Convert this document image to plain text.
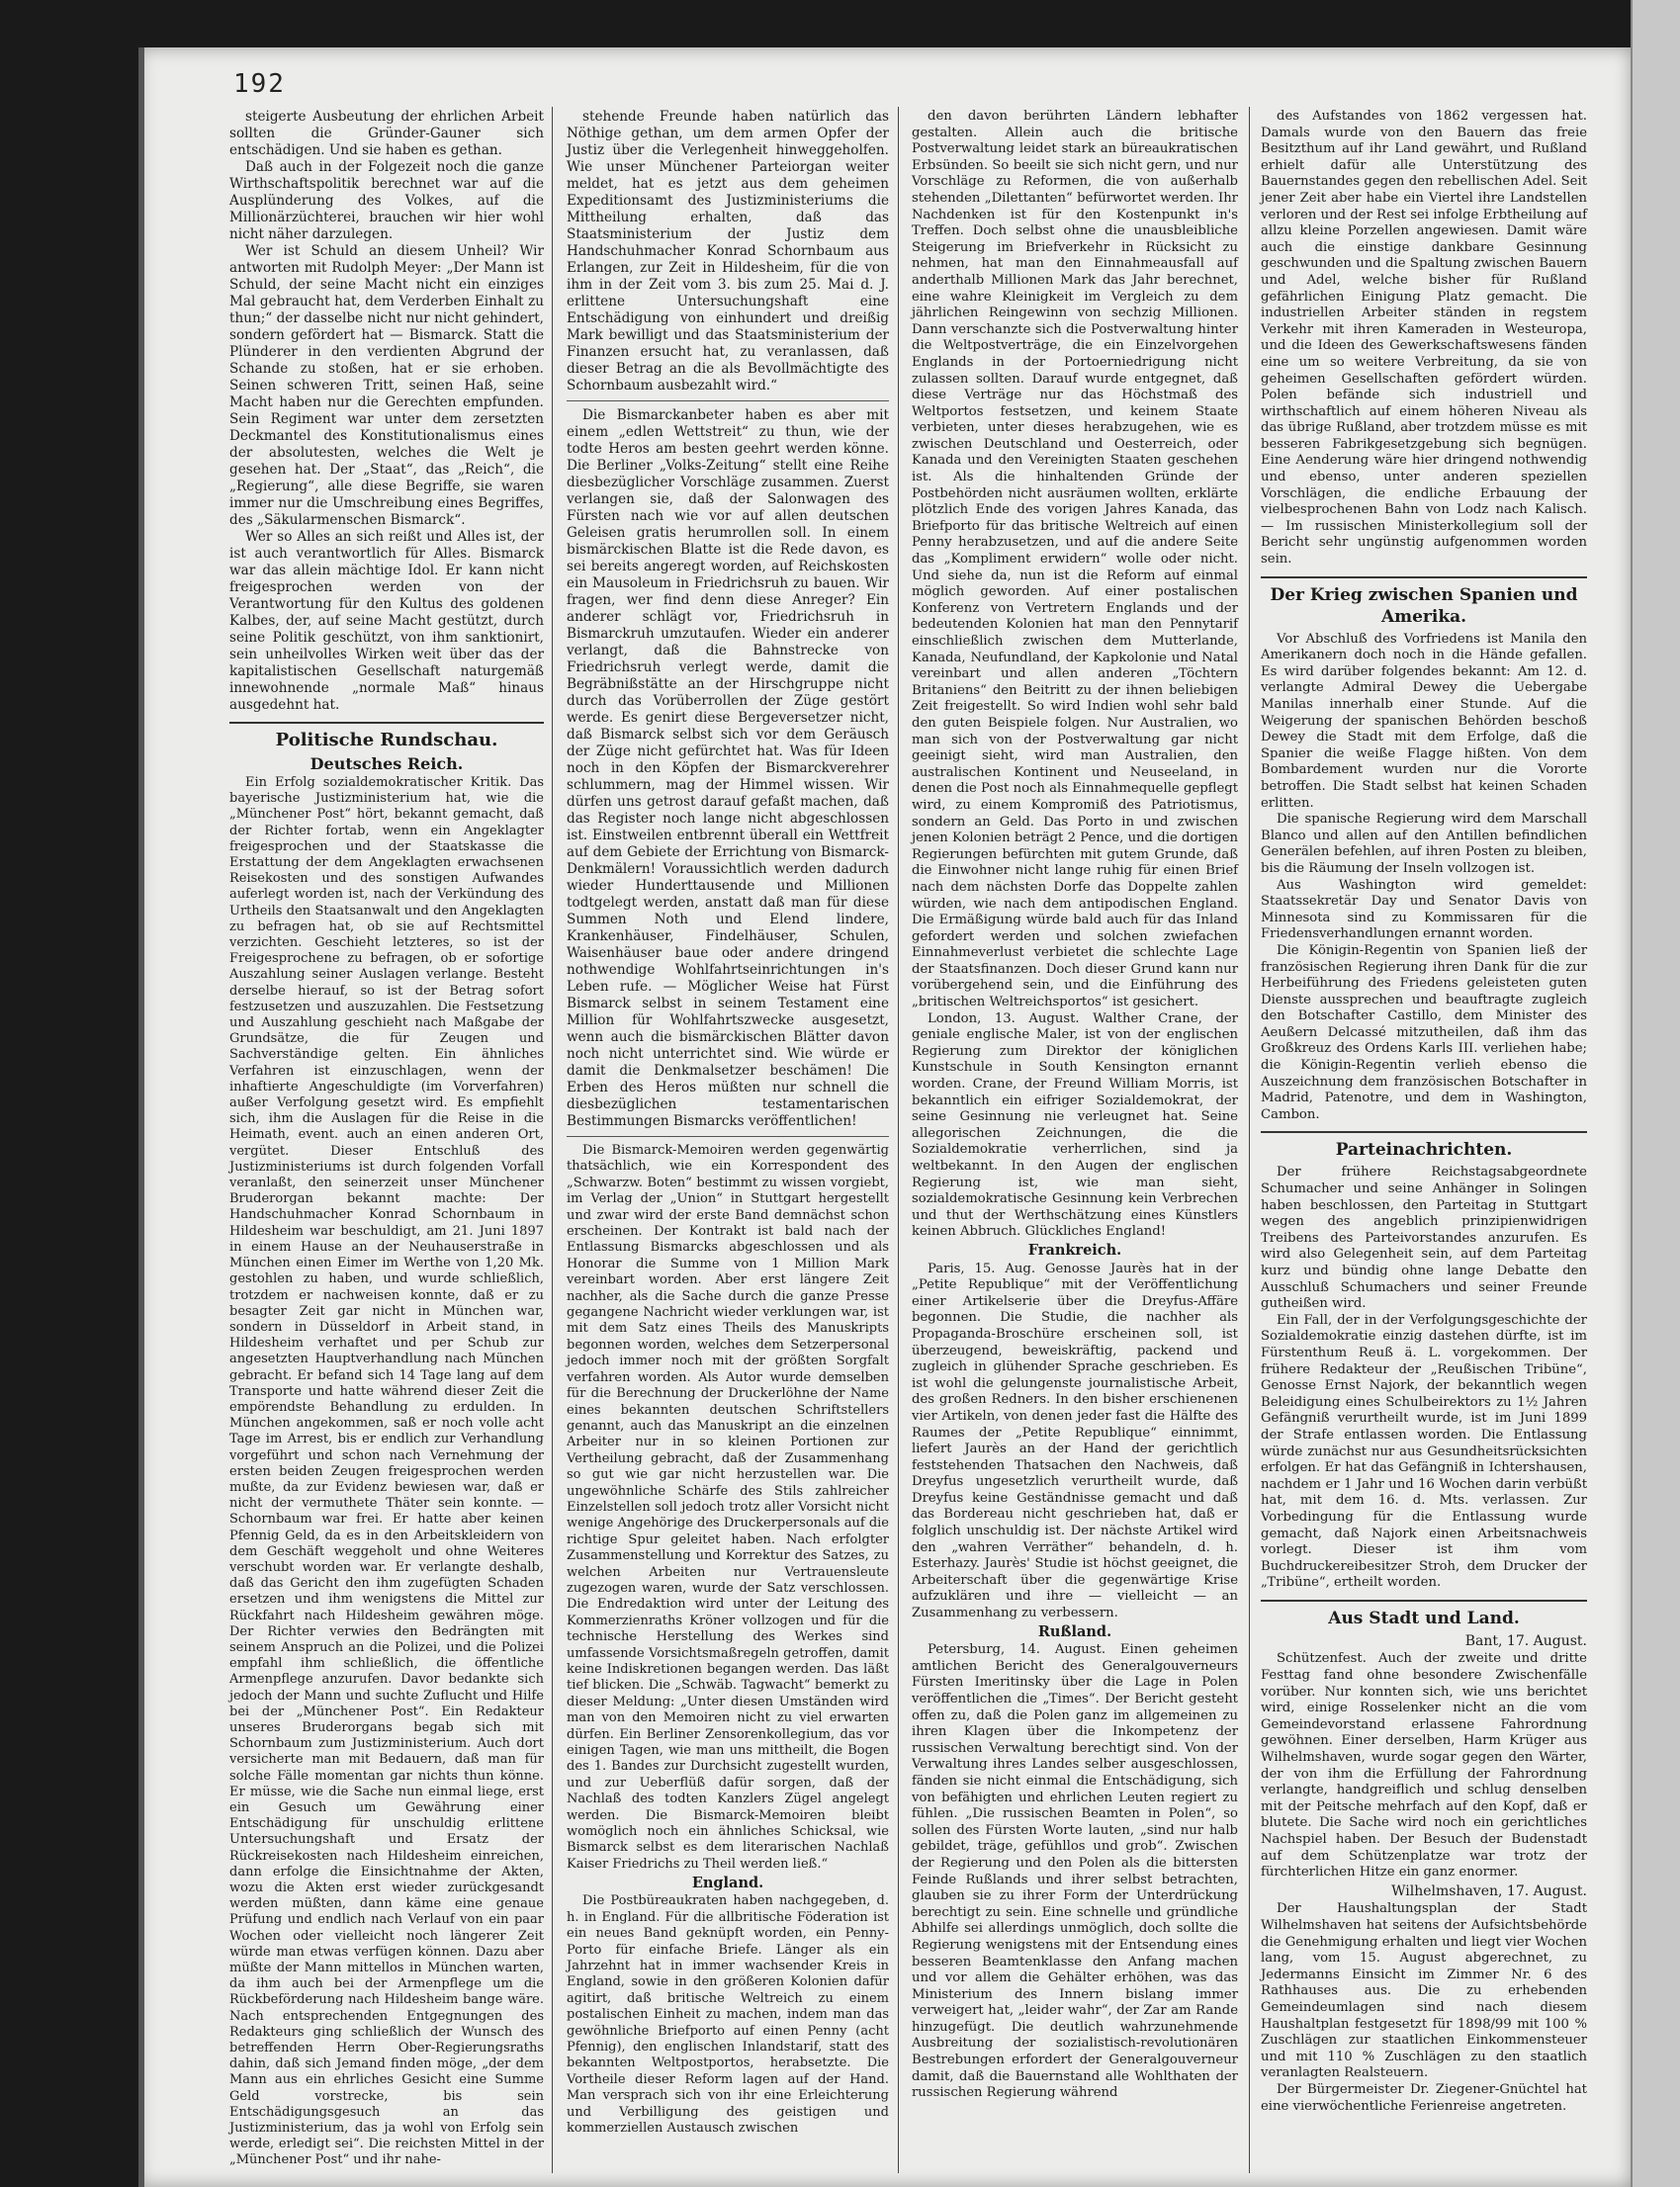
192

steigerte Ausbeutung der ehrlichen Arbeit sollten die Gründer-Gauner sich entschädigen. Und sie haben es gethan.

Daß auch in der Folgezeit noch die ganze Wirthschaftspolitik berechnet war auf die Ausplünderung des Volkes, auf die Millionärzüchterei, brauchen wir hier wohl nicht näher darzulegen.

Wer ist Schuld an diesem Unheil? Wir antworten mit Rudolph Meyer: „Der Mann ist Schuld, der seine Macht nicht ein einziges Mal gebraucht hat, dem Verderben Einhalt zu thun;“ der dasselbe nicht nur nicht gehindert, sondern gefördert hat — Bismarck. Statt die Plünderer in den verdienten Abgrund der Schande zu stoßen, hat er sie erhoben. Seinen schweren Tritt, seinen Haß, seine Macht haben nur die Gerechten empfunden. Sein Regiment war unter dem zersetzten Deckmantel des Konstitutionalismus eines der absolutesten, welches die Welt je gesehen hat. Der „Staat“, das „Reich“, die „Regierung“, alle diese Begriffe, sie waren immer nur die Umschreibung eines Begriffes, des „Säkularmenschen Bismarck“.

Wer so Alles an sich reißt und Alles ist, der ist auch verantwortlich für Alles. Bismarck war das allein mächtige Idol. Er kann nicht freigesprochen werden von der Verantwortung für den Kultus des goldenen Kalbes, der, auf seine Macht gestützt, durch seine Politik geschützt, von ihm sanktionirt, sein unheilvolles Wirken weit über das der kapitalistischen Gesellschaft naturgemäß innewohnende „normale Maß“ hinaus ausgedehnt hat.

Politische Rundschau.
Deutsches Reich.

Ein Erfolg sozialdemokratischer Kritik. Das bayerische Justizministerium hat, wie die „Münchener Post“ hört, bekannt gemacht, daß der Richter fortab, wenn ein Angeklagter freigesprochen und der Staatskasse die Erstattung der dem Angeklagten erwachsenen Reisekosten und des sonstigen Aufwandes auferlegt worden ist, nach der Verkündung des Urtheils den Staatsanwalt und den Angeklagten zu befragen hat, ob sie auf Rechtsmittel verzichten. Geschieht letzteres, so ist der Freigesprochene zu befragen, ob er sofortige Auszahlung seiner Auslagen verlange. Besteht derselbe hierauf, so ist der Betrag sofort festzusetzen und auszuzahlen. Die Festsetzung und Auszahlung geschieht nach Maßgabe der Grundsätze, die für Zeugen und Sachverständige gelten. Ein ähnliches Verfahren ist einzuschlagen, wenn der inhaftierte Angeschuldigte (im Vorverfahren) außer Verfolgung gesetzt wird. Es empfiehlt sich, ihm die Auslagen für die Reise in die Heimath, event. auch an einen anderen Ort, vergütet. Dieser Entschluß des Justizministeriums ist durch folgenden Vorfall veranlaßt, den seinerzeit unser Münchener Bruderorgan bekannt machte: Der Handschuhmacher Konrad Schornbaum in Hildesheim war beschuldigt, am 21. Juni 1897 in einem Hause an der Neuhauserstraße in München einen Eimer im Werthe von 1,20 Mk. gestohlen zu haben, und wurde schließlich, trotzdem er nachweisen konnte, daß er zu besagter Zeit gar nicht in München war, sondern in Düsseldorf in Arbeit stand, in Hildesheim verhaftet und per Schub zur angesetzten Hauptverhandlung nach München gebracht. Er befand sich 14 Tage lang auf dem Transporte und hatte während dieser Zeit die empörendste Behandlung zu erdulden. In München angekommen, saß er noch volle acht Tage im Arrest, bis er endlich zur Verhandlung vorgeführt und schon nach Vernehmung der ersten beiden Zeugen freigesprochen werden mußte, da zur Evidenz bewiesen war, daß er nicht der vermuthete Thäter sein konnte. — Schornbaum war frei. Er hatte aber keinen Pfennig Geld, da es in den Arbeitskleidern von dem Geschäft weggeholt und ohne Weiteres verschubt worden war. Er verlangte deshalb, daß das Gericht den ihm zugefügten Schaden ersetzen und ihm wenigstens die Mittel zur Rückfahrt nach Hildesheim gewähren möge. Der Richter verwies den Bedrängten mit seinem Anspruch an die Polizei, und die Polizei empfahl ihm schließlich, die öffentliche Armenpflege anzurufen. Davor bedankte sich jedoch der Mann und suchte Zuflucht und Hilfe bei der „Münchener Post“. Ein Redakteur unseres Bruderorgans begab sich mit Schornbaum zum Justizministerium. Auch dort versicherte man mit Bedauern, daß man für solche Fälle momentan gar nichts thun könne. Er müsse, wie die Sache nun einmal liege, erst ein Gesuch um Gewährung einer Entschädigung für unschuldig erlittene Untersuchungshaft und Ersatz der Rückreisekosten nach Hildesheim einreichen, dann erfolge die Einsichtnahme der Akten, wozu die Akten erst wieder zurückgesandt werden müßten, dann käme eine genaue Prüfung und endlich nach Verlauf von ein paar Wochen oder vielleicht noch längerer Zeit würde man etwas verfügen können. Dazu aber müßte der Mann mittellos in München warten, da ihm auch bei der Armenpflege um die Rückbeförderung nach Hildesheim bange wäre. Nach entsprechenden Entgegnungen des Redakteurs ging schließlich der Wunsch des betreffenden Herrn Ober-Regierungsraths dahin, daß sich Jemand finden möge, „der dem Mann aus ein ehrliches Gesicht eine Summe Geld vorstrecke, bis sein Entschädigungsgesuch an das Justizministerium, das ja wohl von Erfolg sein werde, erledigt sei“. Die reichsten Mittel in der „Münchener Post“ und ihr nahe-

stehende Freunde haben natürlich das Nöthige gethan, um dem armen Opfer der Justiz über die Verlegenheit hinweggeholfen. Wie unser Münchener Parteiorgan weiter meldet, hat es jetzt aus dem geheimen Expeditionsamt des Justizministeriums die Mittheilung erhalten, daß das Staatsministerium der Justiz dem Handschuhmacher Konrad Schornbaum aus Erlangen, zur Zeit in Hildesheim, für die von ihm in der Zeit vom 3. bis zum 25. Mai d. J. erlittene Untersuchungshaft eine Entschädigung von einhundert und dreißig Mark bewilligt und das Staatsministerium der Finanzen ersucht hat, zu veranlassen, daß dieser Betrag an die als Bevollmächtigte des Schornbaum ausbezahlt wird.“

Die Bismarckanbeter haben es aber mit einem „edlen Wettstreit“ zu thun, wie der todte Heros am besten geehrt werden könne. Die Berliner „Volks-Zeitung“ stellt eine Reihe diesbezüglicher Vorschläge zusammen. Zuerst verlangen sie, daß der Salonwagen des Fürsten nach wie vor auf allen deutschen Geleisen gratis herumrollen soll. In einem bismärckischen Blatte ist die Rede davon, es sei bereits angeregt worden, auf Reichskosten ein Mausoleum in Friedrichsruh zu bauen. Wir fragen, wer find denn diese Anreger? Ein anderer schlägt vor, Friedrichsruh in Bismarckruh umzutaufen. Wieder ein anderer verlangt, daß die Bahnstrecke von Friedrichsruh verlegt werde, damit die Begräbnißstätte an der Hirschgruppe nicht durch das Vorüberrollen der Züge gestört werde. Es genirt diese Bergeversetzer nicht, daß Bismarck selbst sich vor dem Geräusch der Züge nicht gefürchtet hat. Was für Ideen noch in den Köpfen der Bismarckverehrer schlummern, mag der Himmel wissen. Wir dürfen uns getrost darauf gefaßt machen, daß das Register noch lange nicht abgeschlossen ist. Einstweilen entbrennt überall ein Wettfreit auf dem Gebiete der Errichtung von Bismarck-Denkmälern! Voraussichtlich werden dadurch wieder Hunderttausende und Millionen todtgelegt werden, anstatt daß man für diese Summen Noth und Elend lindere, Krankenhäuser, Findelhäuser, Schulen, Waisenhäuser baue oder andere dringend nothwendige Wohlfahrtseinrichtungen in's Leben rufe. — Möglicher Weise hat Fürst Bismarck selbst in seinem Testament eine Million für Wohlfahrtszwecke ausgesetzt, wenn auch die bismärckischen Blätter davon noch nicht unterrichtet sind. Wie würde er damit die Denkmalsetzer beschämen! Die Erben des Heros müßten nur schnell die diesbezüglichen testamentarischen Bestimmungen Bismarcks veröffentlichen!

Die Bismarck-Memoiren werden gegenwärtig thatsächlich, wie ein Korrespondent des „Schwarzw. Boten“ bestimmt zu wissen vorgiebt, im Verlag der „Union“ in Stuttgart hergestellt und zwar wird der erste Band demnächst schon erscheinen. Der Kontrakt ist bald nach der Entlassung Bismarcks abgeschlossen und als Honorar die Summe von 1 Million Mark vereinbart worden. Aber erst längere Zeit nachher, als die Sache durch die ganze Presse gegangene Nachricht wieder verklungen war, ist mit dem Satz eines Theils des Manuskripts begonnen worden, welches dem Setzerpersonal jedoch immer noch mit der größten Sorgfalt verfahren worden. Als Autor wurde demselben für die Berechnung der Druckerlöhne der Name eines bekannten deutschen Schriftstellers genannt, auch das Manuskript an die einzelnen Arbeiter nur in so kleinen Portionen zur Vertheilung gebracht, daß der Zusammenhang so gut wie gar nicht herzustellen war. Die ungewöhnliche Schärfe des Stils zahlreicher Einzelstellen soll jedoch trotz aller Vorsicht nicht wenige Angehörige des Druckerpersonals auf die richtige Spur geleitet haben. Nach erfolgter Zusammenstellung und Korrektur des Satzes, zu welchen Arbeiten nur Vertrauensleute zugezogen waren, wurde der Satz verschlossen. Die Endredaktion wird unter der Leitung des Kommerzienraths Kröner vollzogen und für die technische Herstellung des Werkes sind umfassende Vorsichtsmaßregeln getroffen, damit keine Indiskretionen begangen werden. Das läßt tief blicken. Die „Schwäb. Tagwacht“ bemerkt zu dieser Meldung: „Unter diesen Umständen wird man von den Memoiren nicht zu viel erwarten dürfen. Ein Berliner Zensorenkollegium, das vor einigen Tagen, wie man uns mittheilt, die Bogen des 1. Bandes zur Durchsicht zugestellt wurden, und zur Ueberflüß dafür sorgen, daß der Nachlaß des todten Kanzlers Zügel angelegt werden. Die Bismarck-Memoiren bleibt womöglich noch ein ähnliches Schicksal, wie Bismarck selbst es dem literarischen Nachlaß Kaiser Friedrichs zu Theil werden ließ.“

England.

Die Postbüreaukraten haben nachgegeben, d. h. in England. Für die allbritische Föderation ist ein neues Band geknüpft worden, ein Penny-Porto für einfache Briefe. Länger als ein Jahrzehnt hat in immer wachsender Kreis in England, sowie in den größeren Kolonien dafür agitirt, daß britische Weltreich zu einem postalischen Einheit zu machen, indem man das gewöhnliche Briefporto auf einen Penny (acht Pfennig), den englischen Inlandstarif, statt des bekannten Weltpostportos, herabsetzte. Die Vortheile dieser Reform lagen auf der Hand. Man versprach sich von ihr eine Erleichterung und Verbilligung des geistigen und kommerziellen Austausch zwischen

den davon berührten Ländern lebhafter gestalten. Allein auch die britische Postverwaltung leidet stark an büreaukratischen Erbsünden. So beeilt sie sich nicht gern, und nur Vorschläge zu Reformen, die von außerhalb stehenden „Dilettanten“ befürwortet werden. Ihr Nachdenken ist für den Kostenpunkt in's Treffen. Doch selbst ohne die unausbleibliche Steigerung im Briefverkehr in Rücksicht zu nehmen, hat man den Einnahmeausfall auf anderthalb Millionen Mark das Jahr berechnet, eine wahre Kleinigkeit im Vergleich zu dem jährlichen Reingewinn von sechzig Millionen. Dann verschanzte sich die Postverwaltung hinter die Weltpostverträge, die ein Einzelvorgehen Englands in der Portoerniedrigung nicht zulassen sollten. Darauf wurde entgegnet, daß diese Verträge nur das Höchstmaß des Weltportos festsetzen, und keinem Staate verbieten, unter dieses herabzugehen, wie es zwischen Deutschland und Oesterreich, oder Kanada und den Vereinigten Staaten geschehen ist. Als die hinhaltenden Gründe der Postbehörden nicht ausräumen wollten, erklärte plötzlich Ende des vorigen Jahres Kanada, das Briefporto für das britische Weltreich auf einen Penny herabzusetzen, und auf die andere Seite das „Kompliment erwidern“ wolle oder nicht. Und siehe da, nun ist die Reform auf einmal möglich geworden. Auf einer postalischen Konferenz von Vertretern Englands und der bedeutenden Kolonien hat man den Pennytarif einschließlich zwischen dem Mutterlande, Kanada, Neufundland, der Kapkolonie und Natal vereinbart und allen anderen „Töchtern Britaniens“ den Beitritt zu der ihnen beliebigen Zeit freigestellt. So wird Indien wohl sehr bald den guten Beispiele folgen. Nur Australien, wo man sich von der Postverwaltung gar nicht geeinigt sieht, wird man Australien, den australischen Kontinent und Neuseeland, in denen die Post noch als Einnahmequelle gepflegt wird, zu einem Kompromiß des Patriotismus, sondern an Geld. Das Porto in und zwischen jenen Kolonien beträgt 2 Pence, und die dortigen Regierungen befürchten mit gutem Grunde, daß die Einwohner nicht lange ruhig für einen Brief nach dem nächsten Dorfe das Doppelte zahlen würden, wie nach dem antipodischen England. Die Ermäßigung würde bald auch für das Inland gefordert werden und solchen zwiefachen Einnahmeverlust verbietet die schlechte Lage der Staatsfinanzen. Doch dieser Grund kann nur vorübergehend sein, und die Einführung des „britischen Weltreichsportos“ ist gesichert.

London, 13. August. Walther Crane, der geniale englische Maler, ist von der englischen Regierung zum Direktor der königlichen Kunstschule in South Kensington ernannt worden. Crane, der Freund William Morris, ist bekanntlich ein eifriger Sozialdemokrat, der seine Gesinnung nie verleugnet hat. Seine allegorischen Zeichnungen, die die Sozialdemokratie verherrlichen, sind ja weltbekannt. In den Augen der englischen Regierung ist, wie man sieht, sozialdemokratische Gesinnung kein Verbrechen und thut der Werthschätzung eines Künstlers keinen Abbruch. Glückliches England!

Frankreich.

Paris, 15. Aug. Genosse Jaurès hat in der „Petite Republique“ mit der Veröffentlichung einer Artikelserie über die Dreyfus-Affäre begonnen. Die Studie, die nachher als Propaganda-Broschüre erscheinen soll, ist überzeugend, beweiskräftig, packend und zugleich in glühender Sprache geschrieben. Es ist wohl die gelungenste journalistische Arbeit, des großen Redners. In den bisher erschienenen vier Artikeln, von denen jeder fast die Hälfte des Raumes der „Petite Republique“ einnimmt, liefert Jaurès an der Hand der gerichtlich feststehenden Thatsachen den Nachweis, daß Dreyfus ungesetzlich verurtheilt wurde, daß Dreyfus keine Geständnisse gemacht und daß das Bordereau nicht geschrieben hat, daß er folglich unschuldig ist. Der nächste Artikel wird den „wahren Verräther“ behandeln, d. h. Esterhazy. Jaurès' Studie ist höchst geeignet, die Arbeiterschaft über die gegenwärtige Krise aufzuklären und ihre — vielleicht — an Zusammenhang zu verbessern.

Rußland.

Petersburg, 14. August. Einen geheimen amtlichen Bericht des Generalgouverneurs Fürsten Imeritinsky über die Lage in Polen veröffentlichen die „Times“. Der Bericht gesteht offen zu, daß die Polen ganz im allgemeinen zu ihren Klagen über die Inkompetenz der russischen Verwaltung berechtigt sind. Von der Verwaltung ihres Landes selber ausgeschlossen, fänden sie nicht einmal die Entschädigung, sich von befähigten und ehrlichen Leuten regiert zu fühlen. „Die russischen Beamten in Polen“, so sollen des Fürsten Worte lauten, „sind nur halb gebildet, träge, gefühllos und grob“. Zwischen der Regierung und den Polen als die bittersten Feinde Rußlands und ihrer selbst betrachten, glauben sie zu ihrer Form der Unterdrückung berechtigt zu sein. Eine schnelle und gründliche Abhilfe sei allerdings unmöglich, doch sollte die Regierung wenigstens mit der Entsendung eines besseren Beamtenklasse den Anfang machen und vor allem die Gehälter erhöhen, was das Ministerium des Innern bislang immer verweigert hat, „leider wahr“, der Zar am Rande hinzugefügt. Die deutlich wahrzunehmende Ausbreitung der sozialistisch-revolutionären Bestrebungen erfordert der Generalgouverneur damit, daß die Bauernstand alle Wohlthaten der russischen Regierung während

des Aufstandes von 1862 vergessen hat. Damals wurde von den Bauern das freie Besitzthum auf ihr Land gewährt, und Rußland erhielt dafür alle Unterstützung des Bauernstandes gegen den rebellischen Adel. Seit jener Zeit aber habe ein Viertel ihre Landstellen verloren und der Rest sei infolge Erbtheilung auf allzu kleine Porzellen angewiesen. Damit wäre auch die einstige dankbare Gesinnung geschwunden und die Spaltung zwischen Bauern und Adel, welche bisher für Rußland gefährlichen Einigung Platz gemacht. Die industriellen Arbeiter ständen in regstem Verkehr mit ihren Kameraden in Westeuropa, und die Ideen des Gewerkschaftswesens fänden eine um so weitere Verbreitung, da sie von geheimen Gesellschaften gefördert würden. Polen befände sich industriell und wirthschaftlich auf einem höheren Niveau als das übrige Rußland, aber trotzdem müsse es mit besseren Fabrikgesetzgebung sich begnügen. Eine Aenderung wäre hier dringend nothwendig und ebenso, unter anderen speziellen Vorschlägen, die endliche Erbauung der vielbesprochenen Bahn von Lodz nach Kalisch. — Im russischen Ministerkollegium soll der Bericht sehr ungünstig aufgenommen worden sein.

Der Krieg zwischen Spanien und Amerika.

Vor Abschluß des Vorfriedens ist Manila den Amerikanern doch noch in die Hände gefallen. Es wird darüber folgendes bekannt: Am 12. d. verlangte Admiral Dewey die Uebergabe Manilas innerhalb einer Stunde. Auf die Weigerung der spanischen Behörden beschoß Dewey die Stadt mit dem Erfolge, daß die Spanier die weiße Flagge hißten. Von dem Bombardement wurden nur die Vororte betroffen. Die Stadt selbst hat keinen Schaden erlitten.

Die spanische Regierung wird dem Marschall Blanco und allen auf den Antillen befindlichen Generälen befehlen, auf ihren Posten zu bleiben, bis die Räumung der Inseln vollzogen ist.

Aus Washington wird gemeldet: Staatssekretär Day und Senator Davis von Minnesota sind zu Kommissaren für die Friedensverhandlungen ernannt worden.

Die Königin-Regentin von Spanien ließ der französischen Regierung ihren Dank für die zur Herbeiführung des Friedens geleisteten guten Dienste aussprechen und beauftragte zugleich den Botschafter Castillo, dem Minister des Aeußern Delcassé mitzutheilen, daß ihm das Großkreuz des Ordens Karls III. verliehen habe; die Königin-Regentin verlieh ebenso die Auszeichnung dem französischen Botschafter in Madrid, Patenotre, und dem in Washington, Cambon.

Parteinachrichten.

Der frühere Reichstagsabgeordnete Schumacher und seine Anhänger in Solingen haben beschlossen, den Parteitag in Stuttgart wegen des angeblich prinzipienwidrigen Treibens des Parteivorstandes anzurufen. Es wird also Gelegenheit sein, auf dem Parteitag kurz und bündig ohne lange Debatte den Ausschluß Schumachers und seiner Freunde gutheißen wird.

Ein Fall, der in der Verfolgungsgeschichte der Sozialdemokratie einzig dastehen dürfte, ist im Fürstenthum Reuß ä. L. vorgekommen. Der frühere Redakteur der „Reußischen Tribüne“, Genosse Ernst Najork, der bekanntlich wegen Beleidigung eines Schulbeirektors zu 1½ Jahren Gefängniß verurtheilt wurde, ist im Juni 1899 der Strafe entlassen worden. Die Entlassung würde zunächst nur aus Gesundheitsrücksichten erfolgen. Er hat das Gefängniß in Ichtershausen, nachdem er 1 Jahr und 16 Wochen darin verbüßt hat, mit dem 16. d. Mts. verlassen. Zur Vorbedingung für die Entlassung wurde gemacht, daß Najork einen Arbeitsnachweis vorlegt. Dieser ist ihm vom Buchdruckereibesitzer Stroh, dem Drucker der „Tribüne“, ertheilt worden.

Aus Stadt und Land.
Bant, 17. August.

Schützenfest. Auch der zweite und dritte Festtag fand ohne besondere Zwischenfälle vorüber. Nur konnten sich, wie uns berichtet wird, einige Rosselenker nicht an die vom Gemeindevorstand erlassene Fahrordnung gewöhnen. Einer derselben, Harm Krüger aus Wilhelmshaven, wurde sogar gegen den Wärter, der von ihm die Erfüllung der Fahrordnung verlangte, handgreiflich und schlug denselben mit der Peitsche mehrfach auf den Kopf, daß er blutete. Die Sache wird noch ein gerichtliches Nachspiel haben. Der Besuch der Budenstadt auf dem Schützenplatze war trotz der fürchterlichen Hitze ein ganz enormer.

Wilhelmshaven, 17. August.

Der Haushaltungsplan der Stadt Wilhelmshaven hat seitens der Aufsichtsbehörde die Genehmigung erhalten und liegt vier Wochen lang, vom 15. August abgerechnet, zu Jedermanns Einsicht im Zimmer Nr. 6 des Rathhauses aus. Die zu erhebenden Gemeindeumlagen sind nach diesem Haushaltplan festgesetzt für 1898/99 mit 100 % Zuschlägen zur staatlichen Einkommensteuer und mit 110 % Zuschlägen zu den staatlich veranlagten Realsteuern.

Der Bürgermeister Dr. Ziegener-Gnüchtel hat eine vierwöchentliche Ferienreise angetreten.
